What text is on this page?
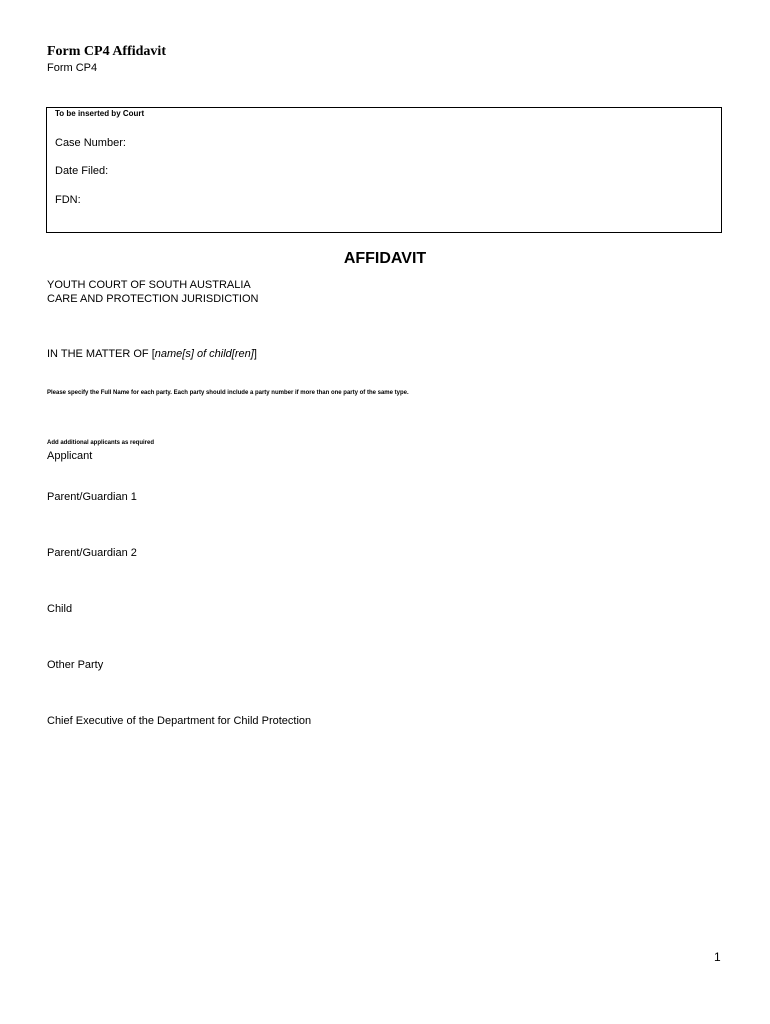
Form CP4 Affidavit
Form CP4
To be inserted by Court
Case Number:
Date Filed:
FDN:
AFFIDAVIT
YOUTH COURT OF SOUTH AUSTRALIA
CARE AND PROTECTION JURISDICTION
IN THE MATTER OF [name[s] of child[ren]]
Please specify the Full Name for each party. Each party should include a party number if more than one party of the same type.
Add additional applicants as required
Applicant
Parent/Guardian 1
Parent/Guardian 2
Child
Other Party
Chief Executive of the Department for Child Protection
1
